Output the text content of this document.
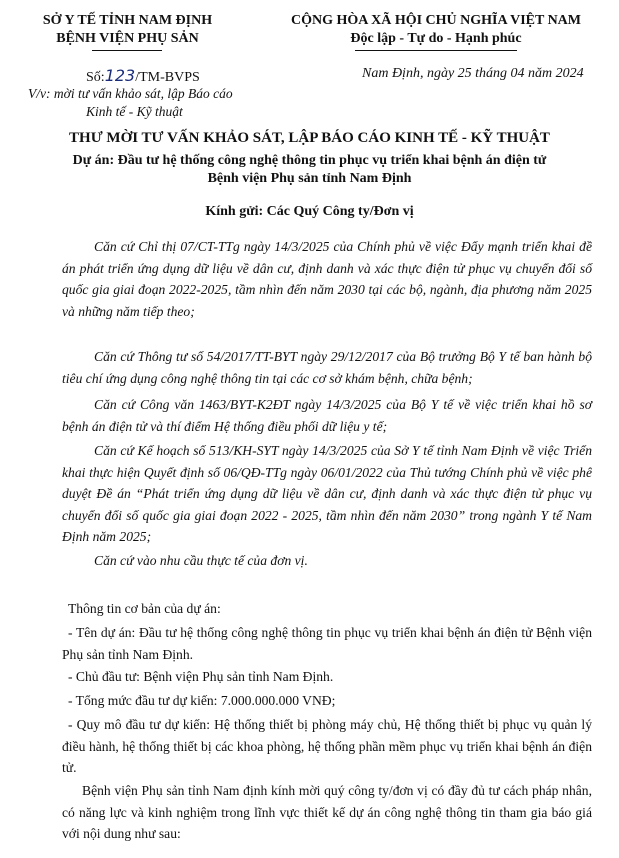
SỞ Y TẾ TỈNH NAM ĐỊNH
BỆNH VIỆN PHỤ SẢN
Số:123/TM-BVPS
V/v: mời tư vấn khảo sát, lập Báo cáo
Kinh tế - Kỹ thuật
CỘNG HÒA XÃ HỘI CHỦ NGHĨA VIỆT NAM
Độc lập - Tự do - Hạnh phúc
Nam Định, ngày 25 tháng 04 năm 2024
THƯ MỜI TƯ VẤN KHẢO SÁT, LẬP BÁO CÁO KINH TẾ - KỸ THUẬT
Dự án: Đầu tư hệ thống công nghệ thông tin phục vụ triển khai bệnh án điện tử
Bệnh viện Phụ sản tỉnh Nam Định
Kính gửi: Các Quý Công ty/Đơn vị
Căn cứ Chỉ thị 07/CT-TTg ngày 14/3/2025 của Chính phủ về việc Đẩy mạnh triển khai đề án phát triển ứng dụng dữ liệu về dân cư, định danh và xác thực điện tử phục vụ chuyển đổi số quốc gia giai đoạn 2022-2025, tầm nhìn đến năm 2030 tại các bộ, ngành, địa phương năm 2025 và những năm tiếp theo;
Căn cứ Thông tư số 54/2017/TT-BYT ngày 29/12/2017 của Bộ trưởng Bộ Y tế ban hành bộ tiêu chí ứng dụng công nghệ thông tin tại các cơ sở khám bệnh, chữa bệnh;
Căn cứ Công văn 1463/BYT-K2ĐT ngày 14/3/2025 của Bộ Y tế về việc triển khai hồ sơ bệnh án điện tử và thí điểm Hệ thống điều phối dữ liệu y tế;
Căn cứ Kế hoạch số 513/KH-SYT ngày 14/3/2025 của Sở Y tế tỉnh Nam Định về việc Triển khai thực hiện Quyết định số 06/QĐ-TTg ngày 06/01/2022 của Thủ tướng Chính phủ về việc phê duyệt Đề án “Phát triển ứng dụng dữ liệu về dân cư, định danh và xác thực điện tử phục vụ chuyển đổi số quốc gia giai đoạn 2022 - 2025, tầm nhìn đến năm 2030” trong ngành Y tế Nam Định năm 2025;
Căn cứ vào nhu cầu thực tế của đơn vị.
Thông tin cơ bản của dự án:
- Tên dự án: Đầu tư hệ thống công nghệ thông tin phục vụ triển khai bệnh án điện tử Bệnh viện Phụ sản tỉnh Nam Định.
- Chủ đầu tư: Bệnh viện Phụ sản tỉnh Nam Định.
- Tổng mức đầu tư dự kiến: 7.000.000.000 VNĐ;
- Quy mô đầu tư dự kiến: Hệ thống thiết bị phòng máy chủ, Hệ thống thiết bị phục vụ quản lý điều hành, hệ thống thiết bị các khoa phòng, hệ thống phần mềm phục vụ triển khai bệnh án điện tử.
Bệnh viện Phụ sản tỉnh Nam định kính mời quý công ty/đơn vị có đầy đủ tư cách pháp nhân, có năng lực và kinh nghiệm trong lĩnh vực thiết kế dự án công nghệ thông tin tham gia báo giá với nội dung như sau:
